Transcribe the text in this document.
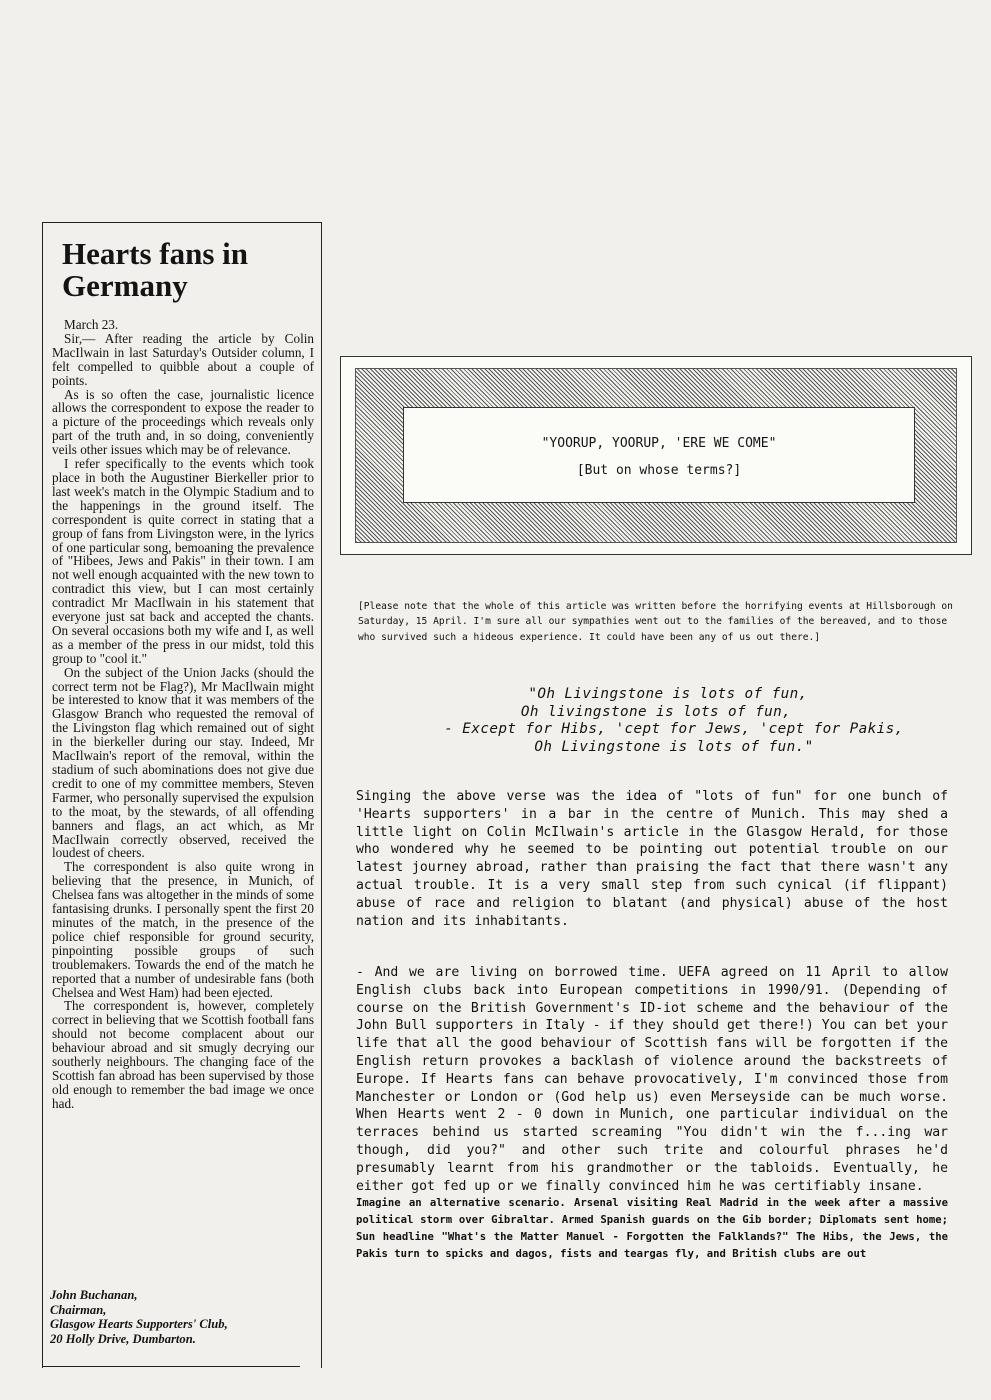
Hearts fans in Germany

March 23.

Sir,— After reading the article by Colin MacIlwain in last Saturday's Outsider column, I felt compelled to quibble about a couple of points.

As is so often the case, journalistic licence allows the correspondent to expose the reader to a picture of the proceedings which reveals only part of the truth and, in so doing, conveniently veils other issues which may be of relevance.

I refer specifically to the events which took place in both the Augustiner Bierkeller prior to last week's match in the Olympic Stadium and to the happenings in the ground itself. The correspondent is quite correct in stating that a group of fans from Livingston were, in the lyrics of one particular song, bemoaning the prevalence of "Hibees, Jews and Pakis" in their town. I am not well enough acquainted with the new town to contradict this view, but I can most certainly contradict Mr MacIlwain in his statement that everyone just sat back and accepted the chants. On several occasions both my wife and I, as well as a member of the press in our midst, told this group to "cool it."

On the subject of the Union Jacks (should the correct term not be Flag?), Mr MacIlwain might be interested to know that it was members of the Glasgow Branch who requested the removal of the Livingston flag which remained out of sight in the bierkeller during our stay. Indeed, Mr MacIlwain's report of the removal, within the stadium of such abominations does not give due credit to one of my committee members, Steven Farmer, who personally supervised the expulsion to the moat, by the stewards, of all offending banners and flags, an act which, as Mr MacIlwain correctly observed, received the loudest of cheers.

The correspondent is also quite wrong in believing that the presence, in Munich, of Chelsea fans was altogether in the minds of some fantasising drunks. I personally spent the first 20 minutes of the match, in the presence of the police chief responsible for ground security, pinpointing possible groups of such troublemakers. Towards the end of the match he reported that a number of undesirable fans (both Chelsea and West Ham) had been ejected.

The correspondent is, however, completely correct in believing that we Scottish football fans should not become complacent about our behaviour abroad and sit smugly decrying our southerly neighbours. The changing face of the Scottish fan abroad has been supervised by those old enough to remember the bad image we once had.

John Buchanan,
Chairman,
Glasgow Hearts Supporters' Club,
20 Holly Drive, Dumbarton.
"YOORUP, YOORUP, 'ERE WE COME"
[But on whose terms?]
[Please note that the whole of this article was written before the horrifying events at Hillsborough on Saturday, 15 April. I'm sure all our sympathies went out to the families of the bereaved, and to those who survived such a hideous experience. It could have been any of us out there.]
"Oh Livingstone is lots of fun,
Oh livingstone is lots of fun,
- Except for Hibs, 'cept for Jews, 'cept for Pakis,
Oh Livingstone is lots of fun."

Singing the above verse was the idea of "lots of fun" for one bunch of 'Hearts supporters' in a bar in the centre of Munich. This may shed a little light on Colin McIlwain's article in the Glasgow Herald, for those who wondered why he seemed to be pointing out potential trouble on our latest journey abroad, rather than praising the fact that there wasn't any actual trouble. It is a very small step from such cynical (if flippant) abuse of race and religion to blatant (and physical) abuse of the host nation and its inhabitants.

- And we are living on borrowed time. UEFA agreed on 11 April to allow English clubs back into European competitions in 1990/91. (Depending of course on the British Government's ID-iot scheme and the behaviour of the John Bull supporters in Italy - if they should get there!) You can bet your life that all the good behaviour of Scottish fans will be forgotten if the English return provokes a backlash of violence around the backstreets of Europe. If Hearts fans can behave provocatively, I'm convinced those from Manchester or London or (God help us) even Merseyside can be much worse. When Hearts went 2 - 0 down in Munich, one particular individual on the terraces behind us started screaming "You didn't win the f...ing war though, did you?" and other such trite and colourful phrases he'd presumably learnt from his grandmother or the tabloids. Eventually, he either got fed up or we finally convinced him he was certifiably insane.

Imagine an alternative scenario. Arsenal visiting Real Madrid in the week after a massive political storm over Gibraltar. Armed Spanish guards on the Gib border; Diplomats sent home; Sun headline "What's the Matter Manuel - Forgotten the Falklands?" The Hibs, the Jews, the Pakis turn to spicks and dagos, fists and teargas fly, and British clubs are out
